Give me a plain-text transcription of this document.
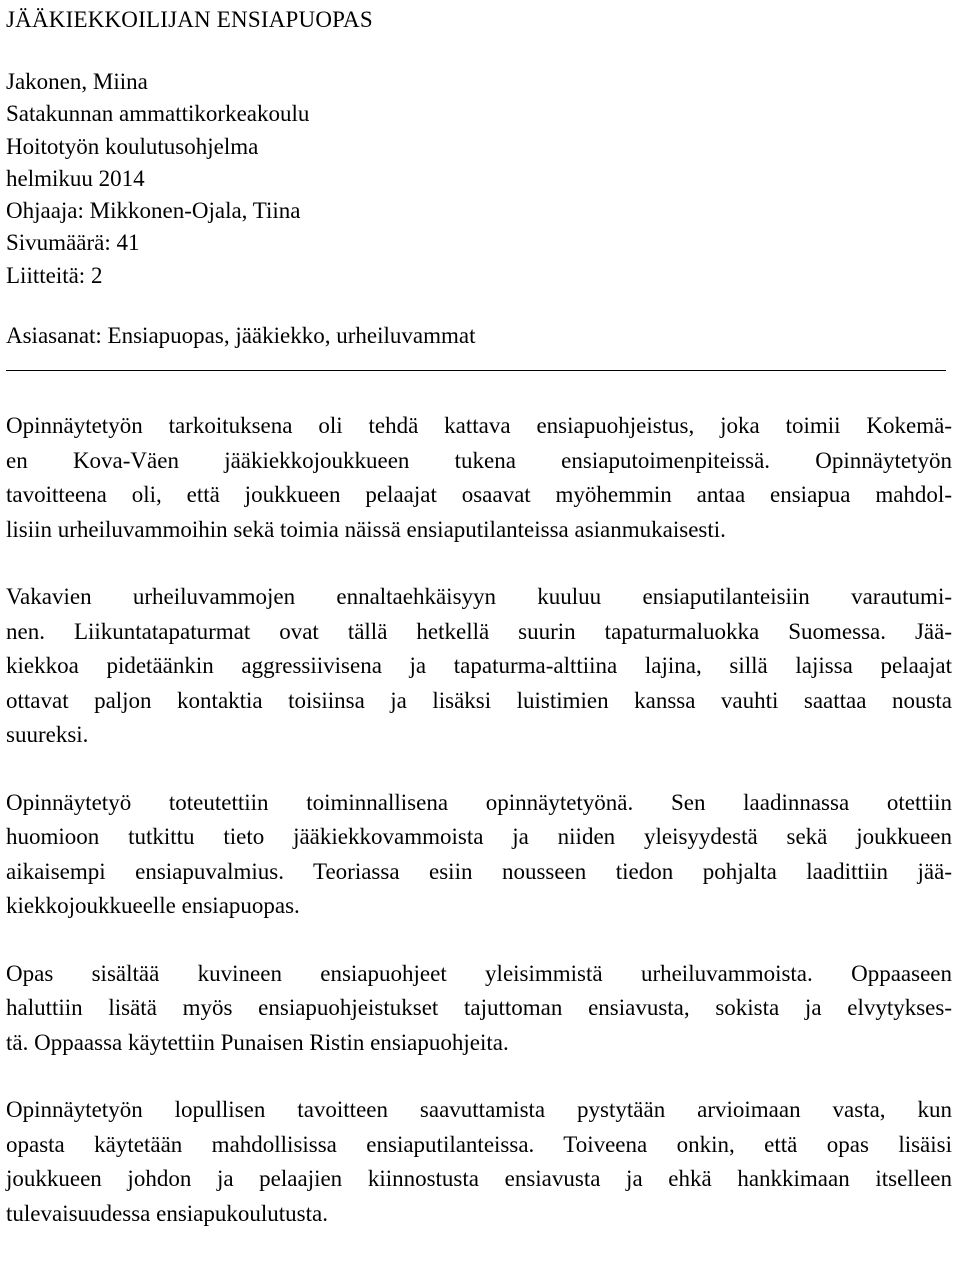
JÄÄKIEKKOILIJAN ENSIAPUOPAS
Jakonen, Miina
Satakunnan ammattikorkeakoulu
Hoitotyön koulutusohjelma
helmikuu 2014
Ohjaaja: Mikkonen-Ojala, Tiina
Sivumäärä: 41
Liitteitä: 2
Asiasanat: Ensiapuopas, jääkiekko, urheiluvammat

Opinnäytetyön tarkoituksena oli tehdä kattava ensiapuohjeistus, joka toimii Kokemä-
en Kova-Väen jääkiekkojoukkueen tukena ensiaputoimenpiteissä. Opinnäytetyön
tavoitteena oli, että joukkueen pelaajat osaavat myöhemmin antaa ensiapua mahdol-
lisiin urheiluvammoihin sekä toimia näissä ensiaputilanteissa asianmukaisesti.

Vakavien urheiluvammojen ennaltaehkäisyyn kuuluu ensiaputilanteisiin varautumi-
nen. Liikuntatapaturmat ovat tällä hetkellä suurin tapaturmaluokka Suomessa. Jää-
kiekkoa pidetäänkin aggressiivisena ja tapaturma-alttiina lajina, sillä lajissa pelaajat
ottavat paljon kontaktia toisiinsa ja lisäksi luistimien kanssa vauhti saattaa nousta
suureksi.

Opinnäytetyö toteutettiin toiminnallisena opinnäytetyönä. Sen laadinnassa otettiin
huomioon tutkittu tieto jääkiekkovammoista ja niiden yleisyydestä sekä joukkueen
aikaisempi ensiapuvalmius. Teoriassa esiin nousseen tiedon pohjalta laadittiin jää-
kiekkojoukkueelle ensiapuopas.

Opas sisältää kuvineen ensiapuohjeet yleisimmistä urheiluvammoista. Oppaaseen
haluttiin lisätä myös ensiapuohjeistukset tajuttoman ensiavusta, sokista ja elvytykses-
tä. Oppaassa käytettiin Punaisen Ristin ensiapuohjeita.

Opinnäytetyön lopullisen tavoitteen saavuttamista pystytään arvioimaan vasta, kun
opasta käytetään mahdollisissa ensiaputilanteissa. Toiveena onkin, että opas lisäisi
joukkueen johdon ja pelaajien kiinnostusta ensiavusta ja ehkä hankkimaan itselleen
tulevaisuudessa ensiapukoulutusta.
